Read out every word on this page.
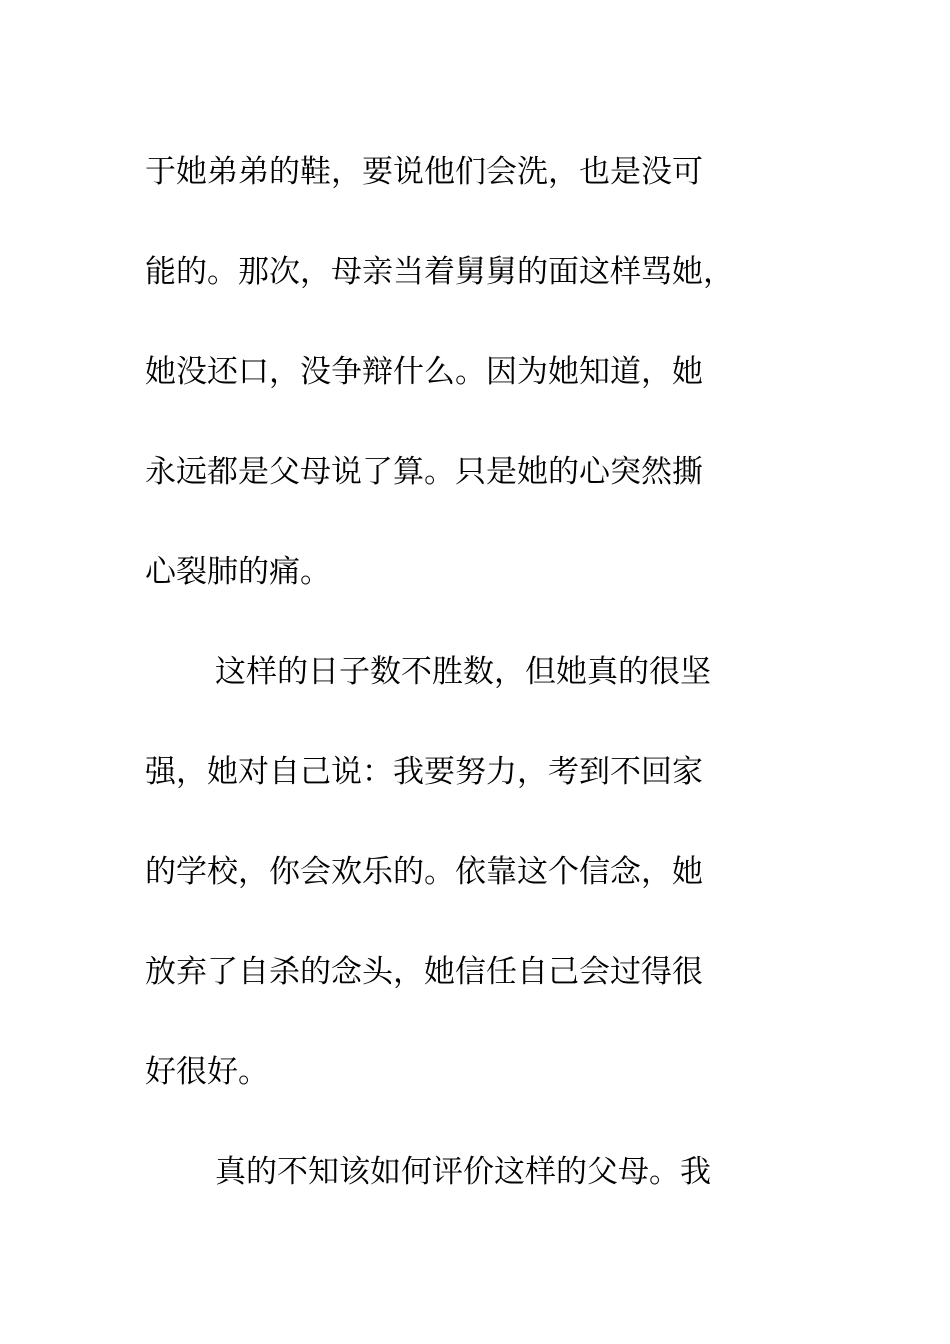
于她弟弟的鞋，要说他们会洗，也是没可
能的。那次，母亲当着舅舅的面这样骂她，
她没还口，没争辩什么。因为她知道，她
永远都是父母说了算。只是她的心突然撕
心裂肺的痛。
这样的日子数不胜数，但她真的很坚
强，她对自己说：我要努力，考到不回家
的学校，你会欢乐的。依靠这个信念，她
放弃了自杀的念头，她信任自己会过得很
好很好。
真的不知该如何评价这样的父母。我
